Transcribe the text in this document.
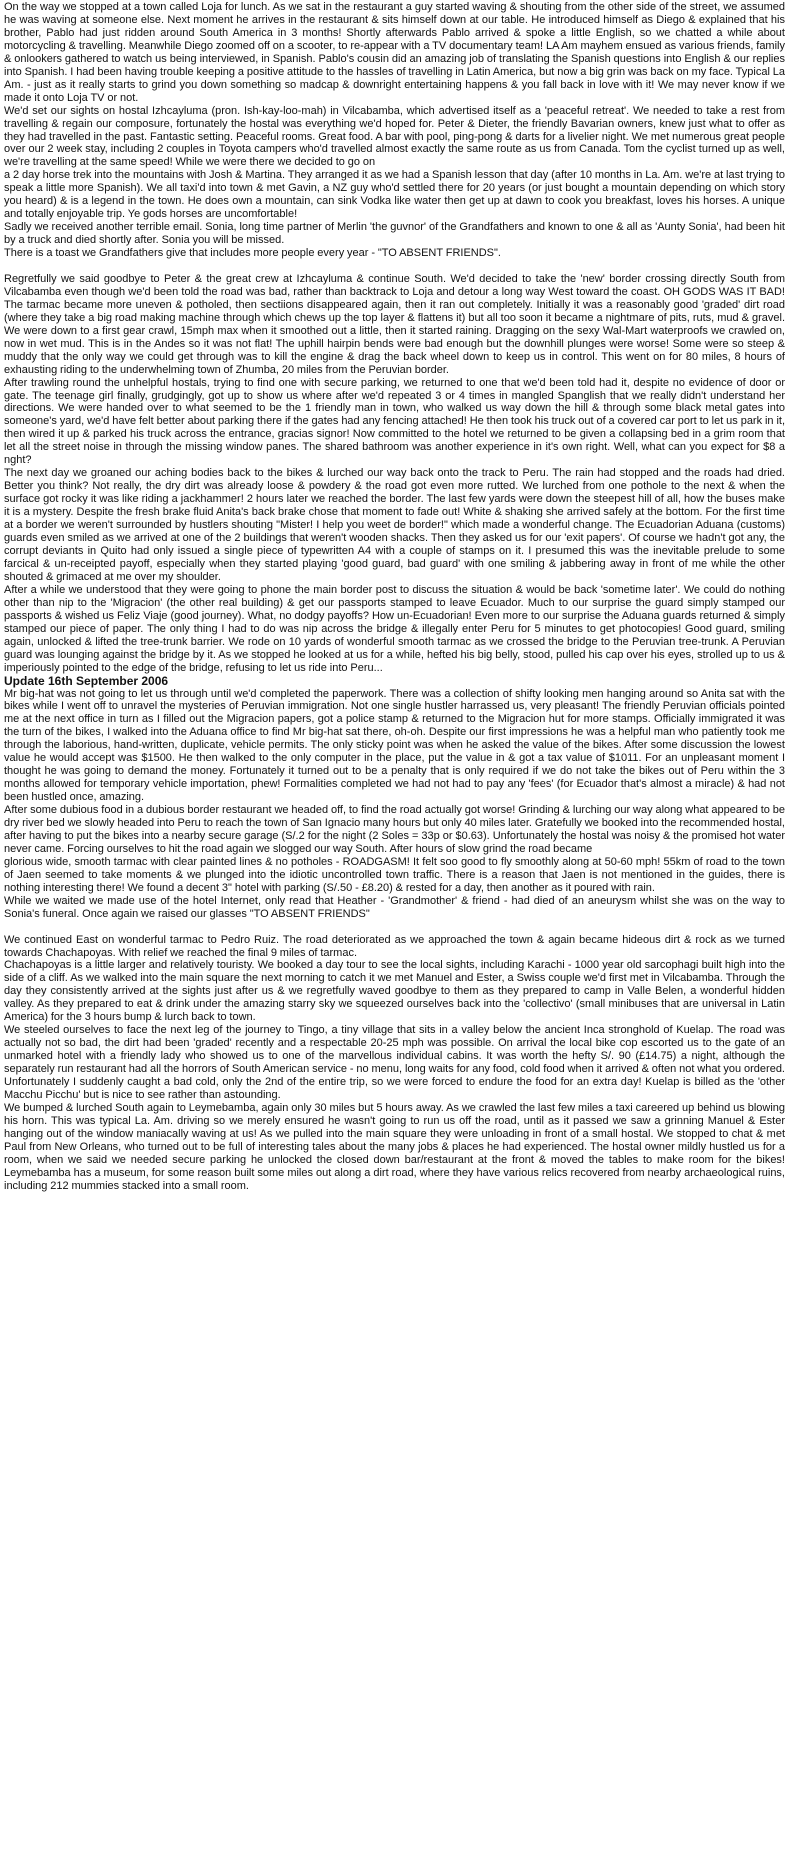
On the way we stopped at a town called Loja for lunch. As we sat in the restaurant a guy started waving & shouting from the other side of the street, we assumed he was waving at someone else. Next moment he arrives in the restaurant & sits himself down at our table. He introduced himself as Diego & explained that his brother, Pablo had just ridden around South America in 3 months! Shortly afterwards Pablo arrived & spoke a little English, so we chatted a while about motorcycling & travelling. Meanwhile Diego zoomed off on a scooter, to re-appear with a TV documentary team! LA Am mayhem ensued as various friends, family & onlookers gathered to watch us being interviewed, in Spanish. Pablo's cousin did an amazing job of translating the Spanish questions into English & our replies into Spanish. I had been having trouble keeping a positive attitude to the hassles of travelling in Latin America, but now a big grin was back on my face. Typical La Am. - just as it really starts to grind you down something so madcap & downright entertaining happens & you fall back in love with it! We may never know if we made it onto Loja TV or not.

We'd set our sights on hostal Izhcayluma (pron. Ish-kay-loo-mah) in Vilcabamba, which advertised itself as a 'peaceful retreat'. We needed to take a rest from travelling & regain our composure, fortunately the hostal was everything we'd hoped for. Peter & Dieter, the friendly Bavarian owners, knew just what to offer as they had travelled in the past. Fantastic setting. Peaceful rooms. Great food. A bar with pool, ping-pong & darts for a livelier night. We met numerous great people over our 2 week stay, including 2 couples in Toyota campers who'd travelled almost exactly the same route as us from Canada. Tom the cyclist turned up as well, we're travelling at the same speed! While we were there we decided to go on

a 2 day horse trek into the mountains with Josh & Martina. They arranged it as we had a Spanish lesson that day (after 10 months in La. Am. we're at last trying to speak a little more Spanish). We all taxi'd into town & met Gavin, a NZ guy who'd settled there for 20 years (or just bought a mountain depending on which story you heard) & is a legend in the town. He does own a mountain, can sink Vodka like water then get up at dawn to cook you breakfast, loves his horses. A unique and totally enjoyable trip. Ye gods horses are uncomfortable!

Sadly we received another terrible email. Sonia, long time partner of Merlin 'the guvnor' of the Grandfathers and known to one & all as 'Aunty Sonia', had been hit by a truck and died shortly after. Sonia you will be missed.

There is a toast we Grandfathers give that includes more people every year - "TO ABSENT FRIENDS".

Regretfully we said goodbye to Peter & the great crew at Izhcayluma & continue South. We'd decided to take the 'new' border crossing directly South from Vilcabamba even though we'd been told the road was bad, rather than backtrack to Loja and detour a long way West toward the coast. OH GODS WAS IT BAD! The tarmac became more uneven & potholed, then sectiions disappeared again, then it ran out completely. Initially it was a reasonably good 'graded' dirt road (where they take a big road making machine through which chews up the top layer & flattens it) but all too soon it became a nightmare of pits, ruts, mud & gravel. We were down to a first gear crawl, 15mph max when it smoothed out a little, then it started raining. Dragging on the sexy Wal-Mart waterproofs we crawled on, now in wet mud. This is in the Andes so it was not flat! The uphill hairpin bends were bad enough but the downhill plunges were worse! Some were so steep & muddy that the only way we could get through was to kill the engine & drag the back wheel down to keep us in control. This went on for 80 miles, 8 hours of exhausting riding to the underwhelming town of Zhumba, 20 miles from the Peruvian border.

After trawling round the unhelpful hostals, trying to find one with secure parking, we returned to one that we'd been told had it, despite no evidence of door or gate. The teenage girl finally, grudgingly, got up to show us where after we'd repeated 3 or 4 times in mangled Spanglish that we really didn't understand her directions. We were handed over to what seemed to be the 1 friendly man in town, who walked us way down the hill & through some black metal gates into someone's yard, we'd have felt better about parking there if the gates had any fencing attached! He then took his truck out of a covered car port to let us park in it, then wired it up & parked his truck across the entrance, gracias signor! Now committed to the hotel we returned to be given a collapsing bed in a grim room that let all the street noise in through the missing window panes. The shared bathroom was another experience in it's own right. Well, what can you expect for $8 a nght?

The next day we groaned our aching bodies back to the bikes & lurched our way back onto the track to Peru. The rain had stopped and the roads had dried. Better you think? Not really, the dry dirt was already loose & powdery & the road got even more rutted. We lurched from one pothole to the next & when the surface got rocky it was like riding a jackhammer! 2 hours later we reached the border. The last few yards were down the steepest hill of all, how the buses make it is a mystery. Despite the fresh brake fluid Anita's back brake chose that moment to fade out! White & shaking she arrived safely at the bottom. For the first time at a border we weren't surrounded by hustlers shouting "Mister! I help you weet de border!" which made a wonderful change. The Ecuadorian Aduana (customs) guards even smiled as we arrived at one of the 2 buildings that weren't wooden shacks. Then they asked us for our 'exit papers'. Of course we hadn't got any, the corrupt deviants in Quito had only issued a single piece of typewritten A4 with a couple of stamps on it. I presumed this was the inevitable prelude to some farcical & un-receipted payoff, especially when they started playing 'good guard, bad guard' with one smiling & jabbering away in front of me while the other shouted & grimaced at me over my shoulder.

After a while we understood that they were going to phone the main border post to discuss the situation & would be back 'sometime later'. We could do nothing other than nip to the 'Migracion' (the other real building) & get our passports stamped to leave Ecuador. Much to our surprise the guard simply stamped our passports & wished us Feliz Viaje (good journey). What, no dodgy payoffs? How un-Ecuadorian! Even more to our surprise the Aduana guards returned & simply stamped our piece of paper. The only thing I had to do was nip across the bridge & illegally enter Peru for 5 minutes to get photocopies! Good guard, smiling again, unlocked & lifted the tree-trunk barrier. We rode on 10 yards of wonderful smooth tarmac as we crossed the bridge to the Peruvian tree-trunk. A Peruvian guard was lounging against the bridge by it. As we stopped he looked at us for a while, hefted his big belly, stood, pulled his cap over his eyes, strolled up to us & imperiously pointed to the edge of the bridge, refusing to let us ride into Peru...

Update 16th September 2006

Mr big-hat was not going to let us through until we'd completed the paperwork. There was a collection of shifty looking men hanging around so Anita sat with the bikes while I went off to unravel the mysteries of Peruvian immigration. Not one single hustler harrassed us, very pleasant! The friendly Peruvian officials pointed me at the next office in turn as I filled out the Migracion papers, got a police stamp & returned to the Migracion hut for more stamps. Officially immigrated it was the turn of the bikes, I walked into the Aduana office to find Mr big-hat sat there, oh-oh. Despite our first impressions he was a helpful man who patiently took me through the laborious, hand-written, duplicate, vehicle permits. The only sticky point was when he asked the value of the bikes. After some discussion the lowest value he would accept was $1500. He then walked to the only computer in the place, put the value in & got a tax value of $1011. For an unpleasant moment I thought he was going to demand the money. Fortunately it turned out to be a penalty that is only required if we do not take the bikes out of Peru within the 3 months allowed for temporary vehicle importation, phew! Formalities completed we had not had to pay any 'fees' (for Ecuador that's almost a miracle) & had not been hustled once, amazing.

After some dubious food in a dubious border restaurant we headed off, to find the road actually got worse! Grinding & lurching our way along what appeared to be dry river bed we slowly headed into Peru to reach the town of San Ignacio many hours but only 40 miles later. Gratefully we booked into the recommended hostal, after having to put the bikes into a nearby secure garage (S/.2 for the night (2 Soles = 33p or $0.63). Unfortunately the hostal was noisy & the promised hot water never came. Forcing ourselves to hit the road again we slogged our way South. After hours of slow grind the road became

glorious wide, smooth tarmac with clear painted lines & no potholes - ROADGASM! It felt soo good to fly smoothly along at 50-60 mph! 55km of road to the town of Jaen seemed to take moments & we plunged into the idiotic uncontrolled town traffic. There is a reason that Jaen is not mentioned in the guides, there is nothing interesting there! We found a decent 3" hotel with parking (S/.50 - £8.20) & rested for a day, then another as it poured with rain.

While we waited we made use of the hotel Internet, only read that Heather - 'Grandmother' & friend - had died of an aneurysm whilst she was on the way to Sonia's funeral. Once again we raised our glasses "TO ABSENT FRIENDS"

We continued East on wonderful tarmac to Pedro Ruiz. The road deteriorated as we approached the town & again became hideous dirt & rock as we turned towards Chachapoyas. With relief we reached the final 9 miles of tarmac.

Chachapoyas is a little larger and relatively touristy. We booked a day tour to see the local sights, including Karachi - 1000 year old sarcophagi built high into the side of a cliff. As we walked into the main square the next morning to catch it we met Manuel and Ester, a Swiss couple we'd first met in Vilcabamba. Through the day they consistently arrived at the sights just after us & we regretfully waved goodbye to them as they prepared to camp in Valle Belen, a wonderful hidden valley. As they prepared to eat & drink under the amazing starry sky we squeezed ourselves back into the 'collectivo' (small minibuses that are universal in Latin America) for the 3 hours bump & lurch back to town.

We steeled ourselves to face the next leg of the journey to Tingo, a tiny village that sits in a valley below the ancient Inca stronghold of Kuelap. The road was actually not so bad, the dirt had been 'graded' recently and a respectable 20-25 mph was possible. On arrival the local bike cop escorted us to the gate of an unmarked hotel with a friendly lady who showed us to one of the marvellous individual cabins. It was worth the hefty S/. 90 (£14.75) a night, although the separately run restaurant had all the horrors of South American service - no menu, long waits for any food, cold food when it arrived & often not what you ordered. Unfortunately I suddenly caught a bad cold, only the 2nd of the entire trip, so we were forced to endure the food for an extra day! Kuelap is billed as the 'other Macchu Picchu' but is nice to see rather than astounding.

We bumped & lurched South again to Leymebamba, again only 30 miles but 5 hours away. As we crawled the last few miles a taxi careered up behind us blowing his horn. This was typical La. Am. driving so we merely ensured he wasn't going to run us off the road, until as it passed we saw a grinning Manuel & Ester hanging out of the window maniacally waving at us! As we pulled into the main square they were unloading in front of a small hostal. We stopped to chat & met Paul from New Orleans, who turned out to be full of interesting tales about the many jobs & places he had experienced. The hostal owner mildly hustled us for a room, when we said we needed secure parking he unlocked the closed down bar/restaurant at the front & moved the tables to make room for the bikes! Leymebamba has a museum, for some reason built some miles out along a dirt road, where they have various relics recovered from nearby archaeological ruins, including 212 mummies stacked into a small room.
